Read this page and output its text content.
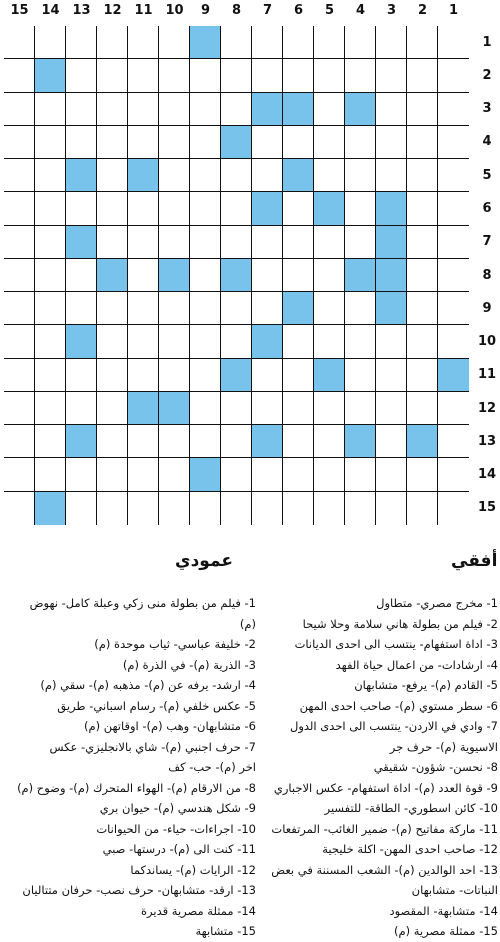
1
2
3
4
5
6
7
8
9
10
11
12
13
14
15
1
2
3
4
5
6
7
8
9
10
11
12
13
14
15
أفقي
عمودي
1- مخرج مصري- متطاول
2- فيلم من بطولة هاني سلامة وحلا شيحا
3- اداة استفهام- ينتسب الى احدى الديانات
4- ارشادات- من اعمال حياة الفهد
5- القادم (م)- يرفع- متشابهان
6- سطر مستوي (م)- صاحب احدى المهن
7- وادي في الاردن- ينتسب الى احدى الدول
الاسيوية (م)- حرف جر
8- نحسن- شؤون- شقيقي
9- قوة العدد (م)- اداة استفهام- عكس الاجباري
10- كائن اسطوري- الطاقة- للتفسير
11- ماركة مفاتيح (م)- ضمير الغائب- المرتفعات
12- صاحب احدى المهن- اكلة خليجية
13- احد الوالدين (م)- الشعب المسننة في بعض
النباتات- متشابهان
14- متشابهة- المقصود
15- ممثلة مصرية (م)
1- فيلم من بطولة منى زكي وعبلة كامل- نهوض
(م)
2- خليفة عباسي- ثياب موحدة (م)
3- الذرية (م)- في الذرة (م)
4- ارشد- يرفه عن (م)- مذهبه (م)- سقي (م)
5- عكس خلفي (م)- رسام اسباني- طريق
6- متشابهان- وهب (م)- اوقاتهن (م)
7- حرف اجنبي (م)- شاي بالانجليزي- عكس
اخر (م)- حب- كف
8- من الارقام (م)- الهواء المتحرك (م)- وضوح (م)
9- شكل هندسي (م)- حيوان بري
10- اجراءات- حياء- من الحيوانات
11- كنت الى (م)- درستها- صبي
12- الرايات (م)- يساندكما
13- ارقد- متشابهان- حرف نصب- حرفان متتاليان
14- ممثلة مصرية قديرة
15- متشابهة
